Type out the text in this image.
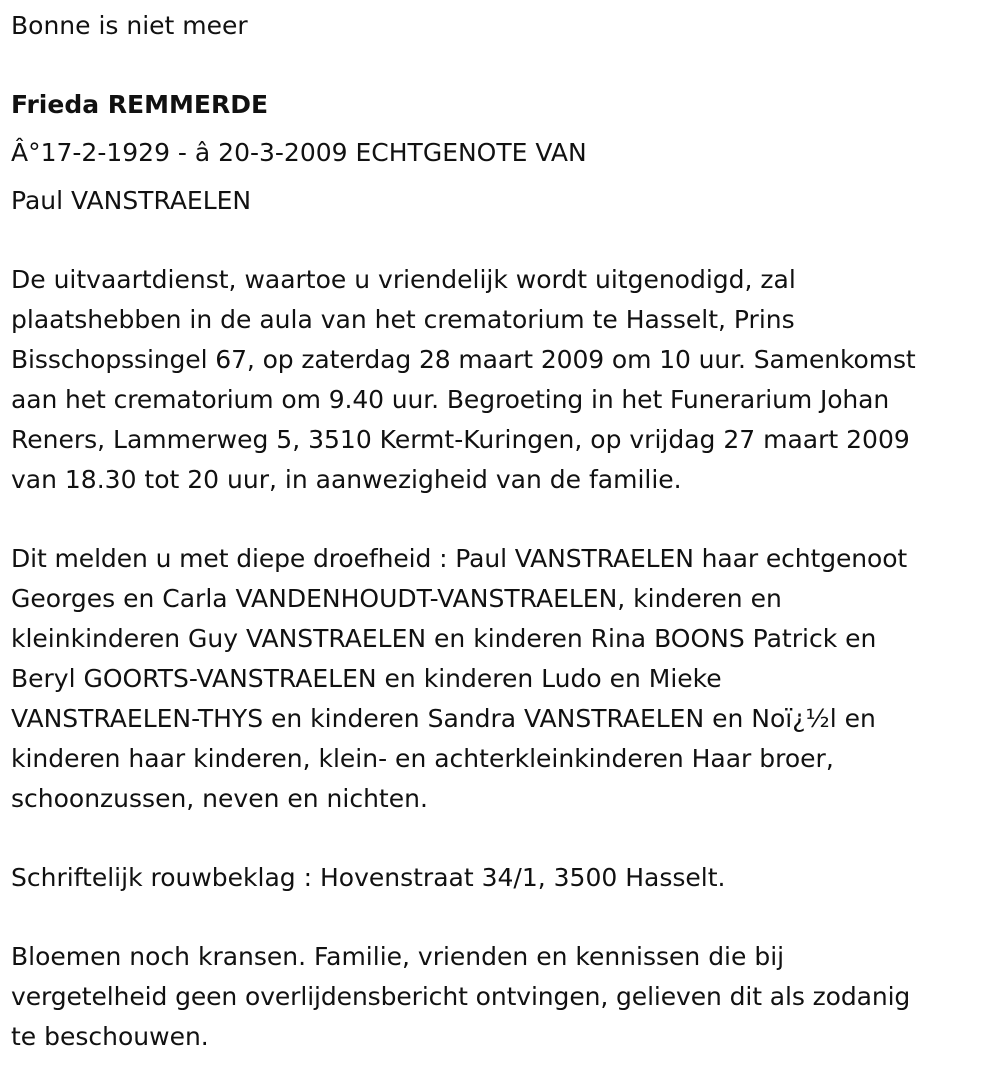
Bonne is niet meer

Frieda REMMERDE

Â°17-2-1929 - â 20-3-2009 ECHTGENOTE VAN

Paul VANSTRAELEN

De uitvaartdienst, waartoe u vriendelijk wordt uitgenodigd, zal

plaatshebben in de aula van het crematorium te Hasselt, Prins

Bisschopssingel 67, op zaterdag 28 maart 2009 om 10 uur. Samenkomst

aan het crematorium om 9.40 uur. Begroeting in het Funerarium Johan

Reners, Lammerweg 5, 3510 Kermt-Kuringen, op vrijdag 27 maart 2009

van 18.30 tot 20 uur, in aanwezigheid van de familie.

Dit melden u met diepe droefheid : Paul VANSTRAELEN haar echtgenoot

Georges en Carla VANDENHOUDT-VANSTRAELEN, kinderen en

kleinkinderen Guy VANSTRAELEN en kinderen Rina BOONS Patrick en

Beryl GOORTS-VANSTRAELEN en kinderen Ludo en Mieke

VANSTRAELEN-THYS en kinderen Sandra VANSTRAELEN en Noï¿½l en

kinderen haar kinderen, klein- en achterkleinkinderen Haar broer,

schoonzussen, neven en nichten.

Schriftelijk rouwbeklag : Hovenstraat 34/1, 3500 Hasselt.

Bloemen noch kransen. Familie, vrienden en kennissen die bij

vergetelheid geen overlijdensbericht ontvingen, gelieven dit als zodanig

te beschouwen.
